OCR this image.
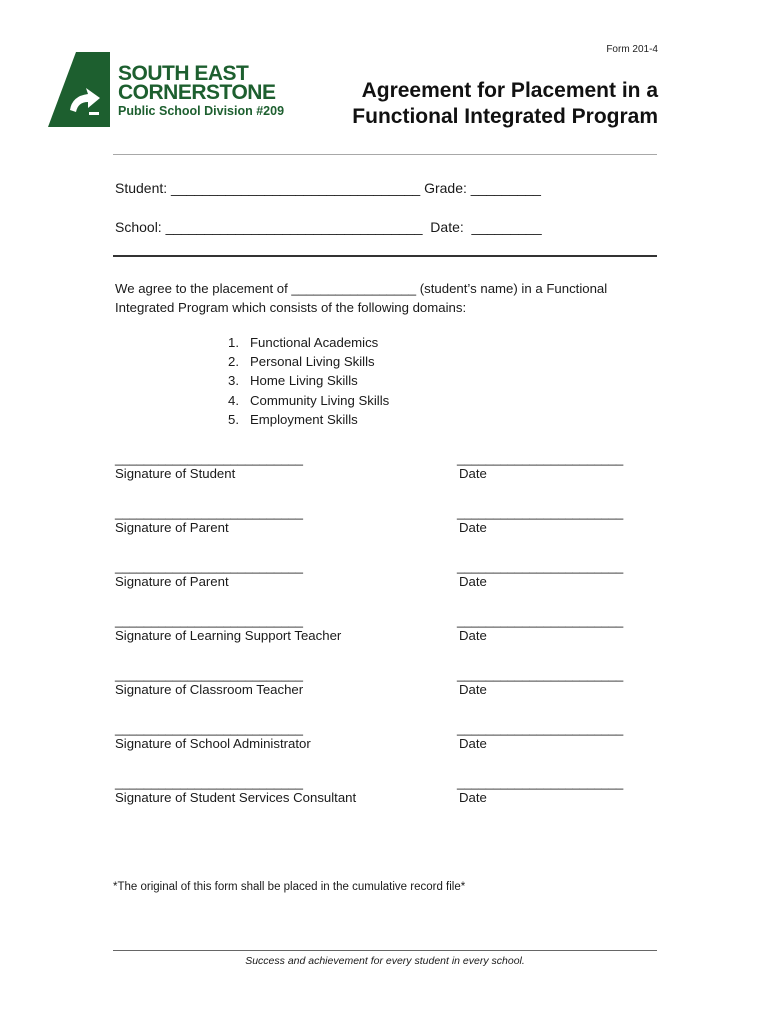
Form 201-4
SOUTH EAST
CORNERSTONE
Public School Division #209
Agreement for Placement in a
Functional Integrated Program
Student: ________________________________ Grade: _________
School: _________________________________  Date:  _________
We agree to the placement of _________________ (student’s name) in a Functional Integrated Program which consists of the following domains:
1. Functional Academics
2. Personal Living Skills
3. Home Living Skills
4. Community Living Skills
5. Employment Skills
__________________________	_______________________
Signature of Student	Date
__________________________	_______________________
Signature of Parent	Date
__________________________	_______________________
Signature of Parent	Date
__________________________	_______________________
Signature of Learning Support Teacher	Date
__________________________	_______________________
Signature of Classroom Teacher	Date
__________________________	_______________________
Signature of School Administrator	Date
__________________________	_______________________
Signature of Student Services Consultant	Date
*The original of this form shall be placed in the cumulative record file*
Success and achievement for every student in every school.
